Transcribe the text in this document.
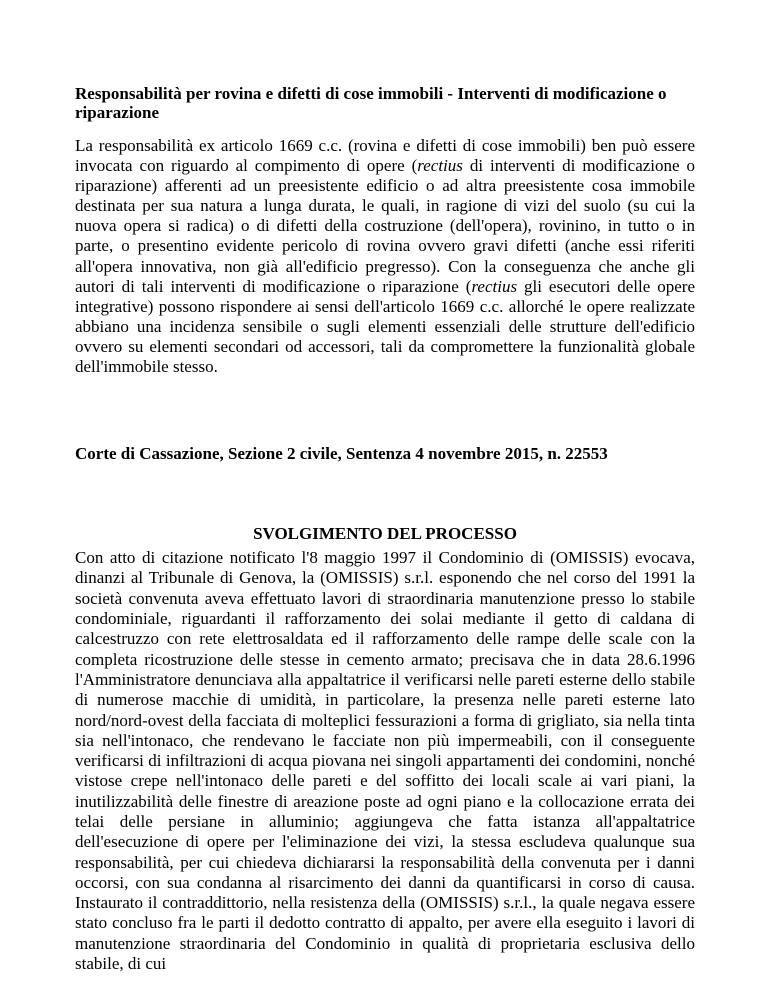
Responsabilità per rovina e difetti di cose immobili - Interventi di modificazione o riparazione

La responsabilità ex articolo 1669 c.c. (rovina e difetti di cose immobili) ben può essere invocata con riguardo al compimento di opere (rectius di interventi di modificazione o riparazione) afferenti ad un preesistente edificio o ad altra preesistente cosa immobile destinata per sua natura a lunga durata, le quali, in ragione di vizi del suolo (su cui la nuova opera si radica) o di difetti della costruzione (dell'opera), rovinino, in tutto o in parte, o presentino evidente pericolo di rovina ovvero gravi difetti (anche essi riferiti all'opera innovativa, non già all'edificio pregresso). Con la conseguenza che anche gli autori di tali interventi di modificazione o riparazione (rectius gli esecutori delle opere integrative) possono rispondere ai sensi dell'articolo 1669 c.c. allorché le opere realizzate abbiano una incidenza sensibile o sugli elementi essenziali delle strutture dell'edificio ovvero su elementi secondari od accessori, tali da compromettere la funzionalità globale dell'immobile stesso.

Corte di Cassazione, Sezione 2 civile, Sentenza 4 novembre 2015, n. 22553

SVOLGIMENTO DEL PROCESSO

Con atto di citazione notificato l'8 maggio 1997 il Condominio di (OMISSIS) evocava, dinanzi al Tribunale di Genova, la (OMISSIS) s.r.l. esponendo che nel corso del 1991 la società convenuta aveva effettuato lavori di straordinaria manutenzione presso lo stabile condominiale, riguardanti il rafforzamento dei solai mediante il getto di caldana di calcestruzzo con rete elettrosaldata ed il rafforzamento delle rampe delle scale con la completa ricostruzione delle stesse in cemento armato; precisava che in data 28.6.1996 l'Amministratore denunciava alla appaltatrice il verificarsi nelle pareti esterne dello stabile di numerose macchie di umidità, in particolare, la presenza nelle pareti esterne lato nord/nord-ovest della facciata di molteplici fessurazioni a forma di grigliato, sia nella tinta sia nell'intonaco, che rendevano le facciate non più impermeabili, con il conseguente verificarsi di infiltrazioni di acqua piovana nei singoli appartamenti dei condomini, nonché vistose crepe nell'intonaco delle pareti e del soffitto dei locali scale ai vari piani, la inutilizzabilità delle finestre di areazione poste ad ogni piano e la collocazione errata dei telai delle persiane in alluminio; aggiungeva che fatta istanza all'appaltatrice dell'esecuzione di opere per l'eliminazione dei vizi, la stessa escludeva qualunque sua responsabilità, per cui chiedeva dichiararsi la responsabilità della convenuta per i danni occorsi, con sua condanna al risarcimento dei danni da quantificarsi in corso di causa. Instaurato il contraddittorio, nella resistenza della (OMISSIS) s.r.l., la quale negava essere stato concluso fra le parti il dedotto contratto di appalto, per avere ella eseguito i lavori di manutenzione straordinaria del Condominio in qualità di proprietaria esclusiva dello stabile, di cui
